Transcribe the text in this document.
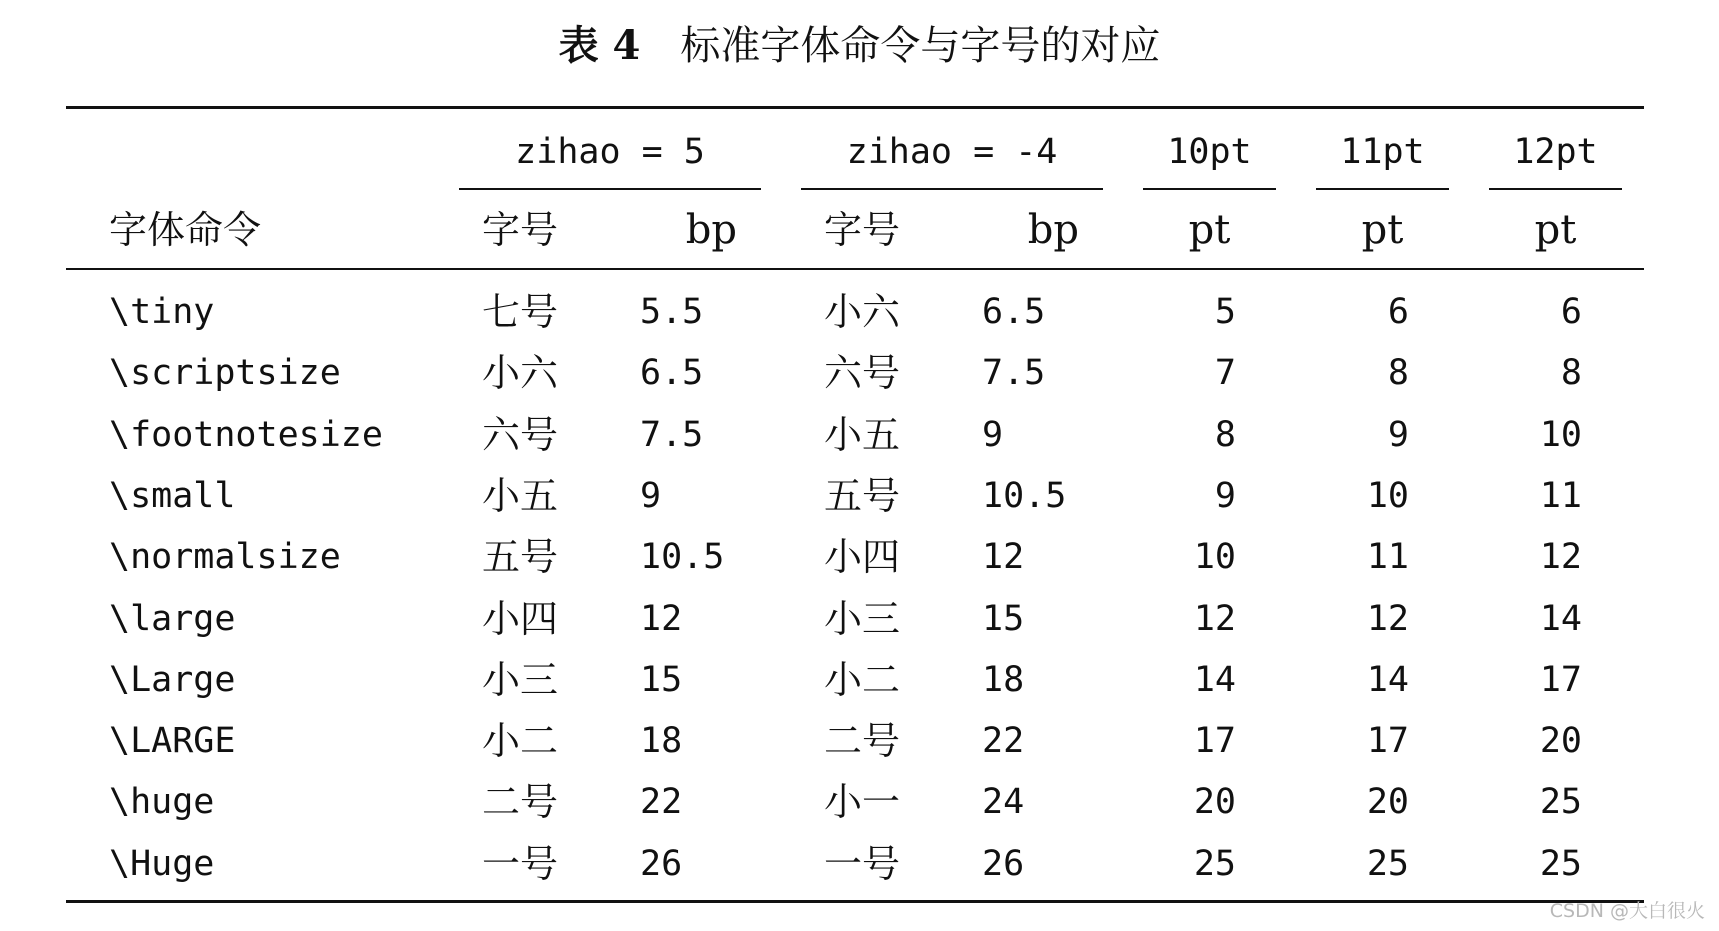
表 4 标准字体命令与字号的对应
zihao = 5	zihao = -4	10pt	11pt	12pt
字体命令	字号	bp 字号	bp	pt	pt	pt
\tiny	七号	5.5	小六	6.5	5	6	6
\scriptsize	小六	6.5	六号	7.5	7	8	8
\footnotesize	六号	7.5	小五	9	8	9	10
\small	小五	9	五号	10.5	9	10	11
\normalsize	五号	10.5	小四	12	10	11	12
\large	小四	12	小三	15	12	12	14
\Large	小三	15	小二	18	14	14	17
\LARGE	小二	18	二号	22	17	17	20
\huge	二号	22	小一	24	20	20	25
\Huge	一号	26	一号	26	25	25	25
CSDN @大白很火
